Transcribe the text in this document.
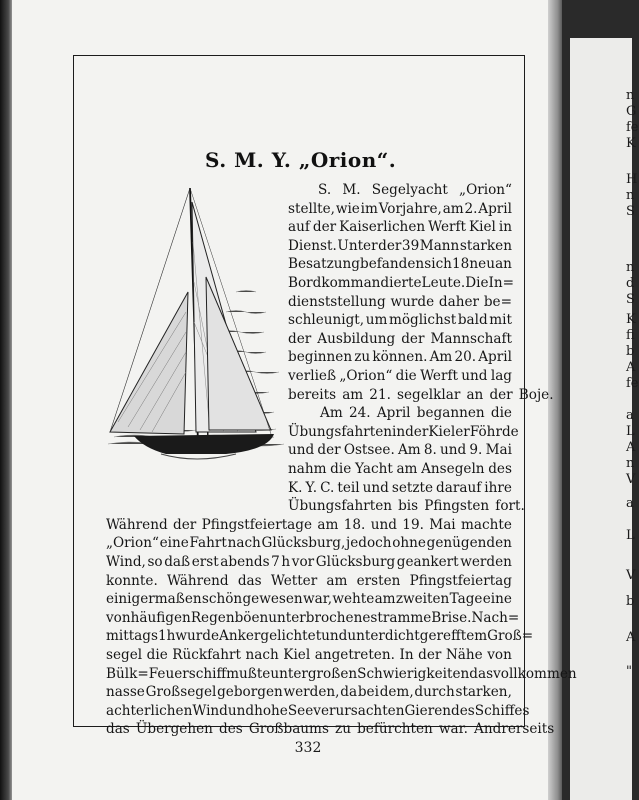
n
G
fe
K
H
n
S
n
d
S
K
fi
b
A
fe
a
L
A
n
V
a
L
V
b
A
"
S. M. Y. „Orion“.
S. M. Segelyacht „Orion“
stellte, wie im Vorjahre, am 2. April
auf der Kaiserlichen Werft Kiel in
Dienst. Unter der 39 Mann starken
Besatzung befanden sich 18 neu an
Bord kommandierte Leute. Die In=
dienststellung wurde daher be=
schleunigt, um möglichst bald mit
der Ausbildung der Mannschaft
beginnen zu können. Am 20. April
verließ „Orion“ die Werft und lag
bereits am 21. segelklar an der Boje.
Am 24. April begannen die
Übungsfahrten in der Kieler Föhrde
und der Ostsee. Am 8. und 9. Mai
nahm die Yacht am Ansegeln des
K. Y. C. teil und setzte darauf ihre
Übungsfahrten bis Pfingsten fort.
Während der Pfingstfeiertage am 18. und 19. Mai machte
„Orion“ eine Fahrt nach Glücksburg, jedoch ohne genügenden
Wind, so daß erst abends 7 h vor Glücksburg geankert werden
konnte. Während das Wetter am ersten Pfingstfeiertag
einigermaßen schön gewesen war, wehte am zweiten Tage eine
von häufigen Regenböen unterbrochene stramme Brise. Nach=
mittags 1 h wurde Anker gelichtet und unter dicht gerefftem Groß=
segel die Rückfahrt nach Kiel angetreten. In der Nähe von
Bülk=Feuerschiff mußte unter großen Schwierigkeiten das vollkommen
nasse Großsegel geborgen werden, da bei dem, durch starken,
achterlichen Wind und hohe See verursachten Gieren des Schiffes
das Übergehen des Großbaums zu befürchten war. Andrerseits
332
